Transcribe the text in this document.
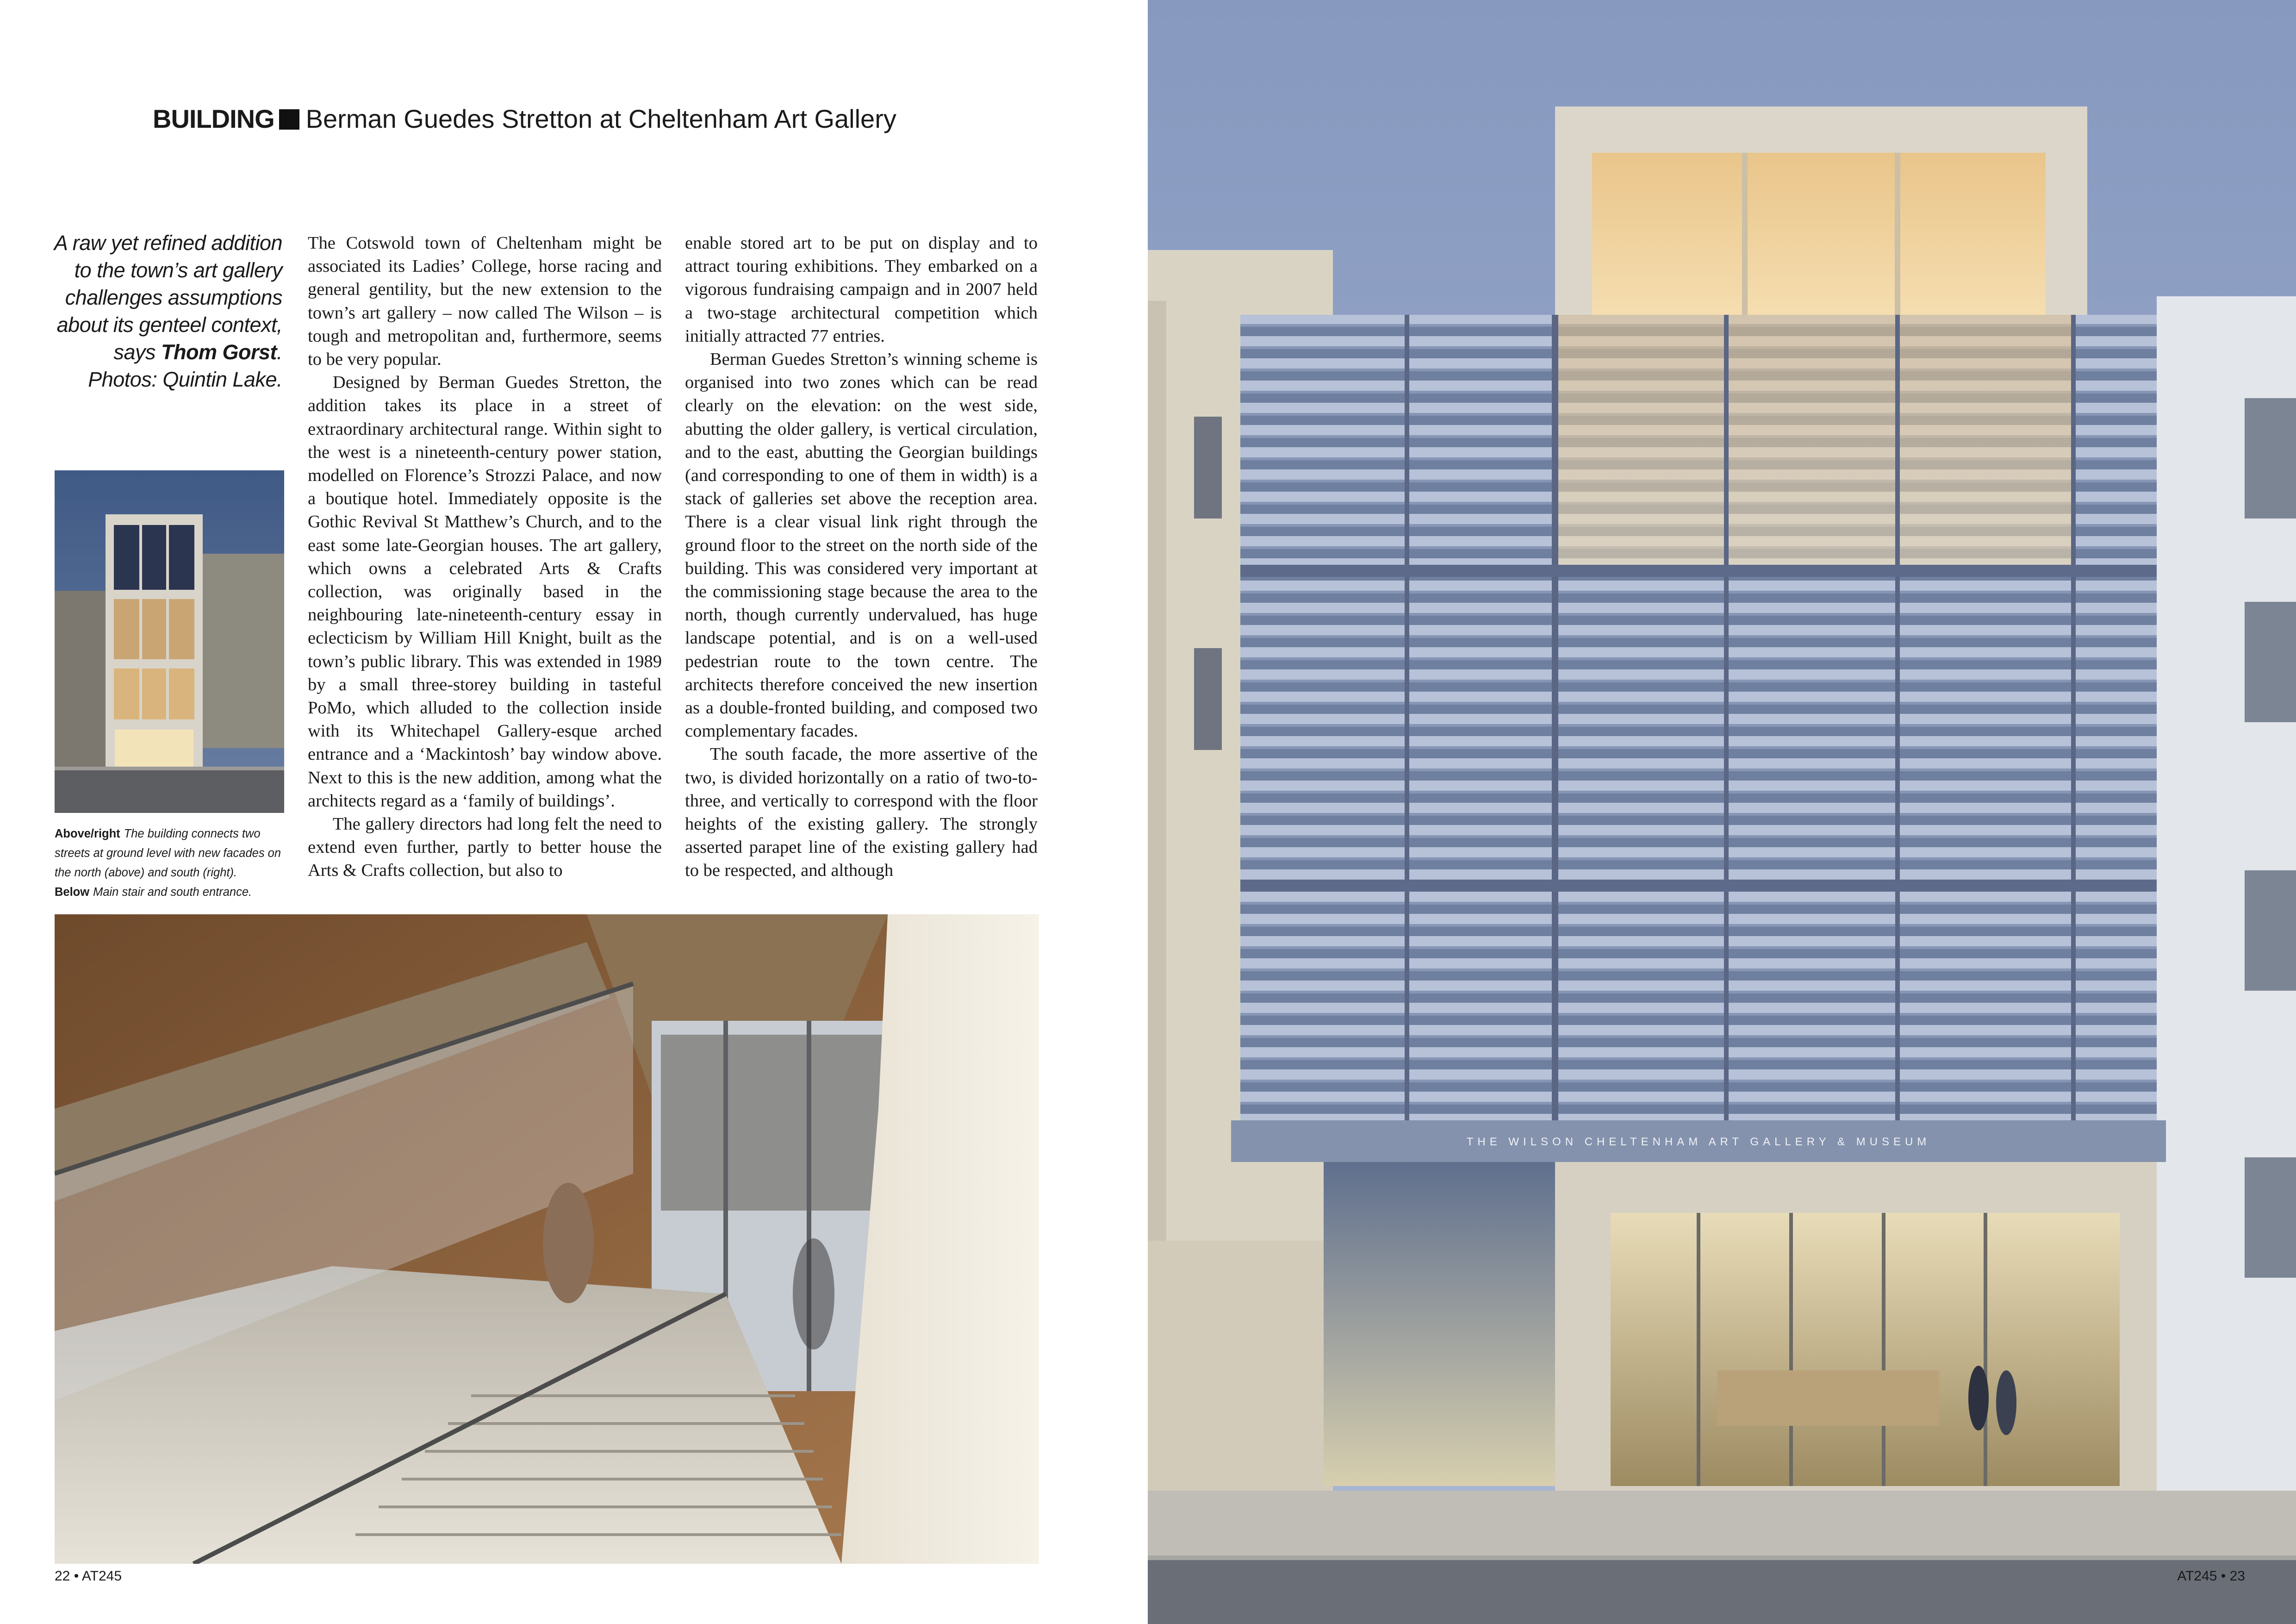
BUILDING Berman Guedes Stretton at Cheltenham Art Gallery
A raw yet refined addition to the town’s art gallery challenges assumptions about its genteel context, says Thom Gorst. Photos: Quintin Lake.

The Cotswold town of Cheltenham might be associated its Ladies’ College, horse racing and general gentility, but the new extension to the town’s art gallery – now called The Wilson – is tough and metropolitan and, furthermore, seems to be very popular.

Designed by Berman Guedes Stretton, the addition takes its place in a street of extraordinary architectural range. Within sight to the west is a nineteenth-century power station, modelled on Florence’s Strozzi Palace, and now a boutique hotel. Immediately opposite is the Gothic Revival St Matthew’s Church, and to the east some late-Georgian houses. The art gallery, which owns a celebrated Arts & Crafts collection, was originally based in the neighbouring late-nineteenth-century essay in eclecticism by William Hill Knight, built as the town’s public library. This was extended in 1989 by a small three-storey building in tasteful PoMo, which alluded to the collection inside with its Whitechapel Gallery-esque arched entrance and a ‘Mackintosh’ bay window above. Next to this is the new addition, among what the architects regard as a ‘family of buildings’.

The gallery directors had long felt the need to extend even further, partly to better house the Arts & Crafts collection, but also to

enable stored art to be put on display and to attract touring exhibitions. They embarked on a vigorous fundraising campaign and in 2007 held a two-stage architectural competition which initially attracted 77 entries.

Berman Guedes Stretton’s winning scheme is organised into two zones which can be read clearly on the elevation: on the west side, abutting the older gallery, is vertical circulation, and to the east, abutting the Georgian buildings (and corresponding to one of them in width) is a stack of galleries set above the reception area. There is a clear visual link right through the ground floor to the street on the north side of the building. This was considered very important at the commissioning stage because the area to the north, though currently undervalued, has huge landscape potential, and is on a well-used pedestrian route to the town centre. The architects therefore conceived the new insertion as a double-fronted building, and composed two complementary facades.

The south facade, the more assertive of the two, is divided horizontally on a ratio of two-to-three, and vertically to correspond with the floor heights of the existing gallery. The strongly asserted parapet line of the existing gallery had to be respected, and although

Above/right The building connects two streets at ground level with new facades on the north (above) and south (right).
Below Main stair and south entrance.
22 • AT245
THE WILSON CHELTENHAM ART GALLERY & MUSEUM
AT245 • 23
